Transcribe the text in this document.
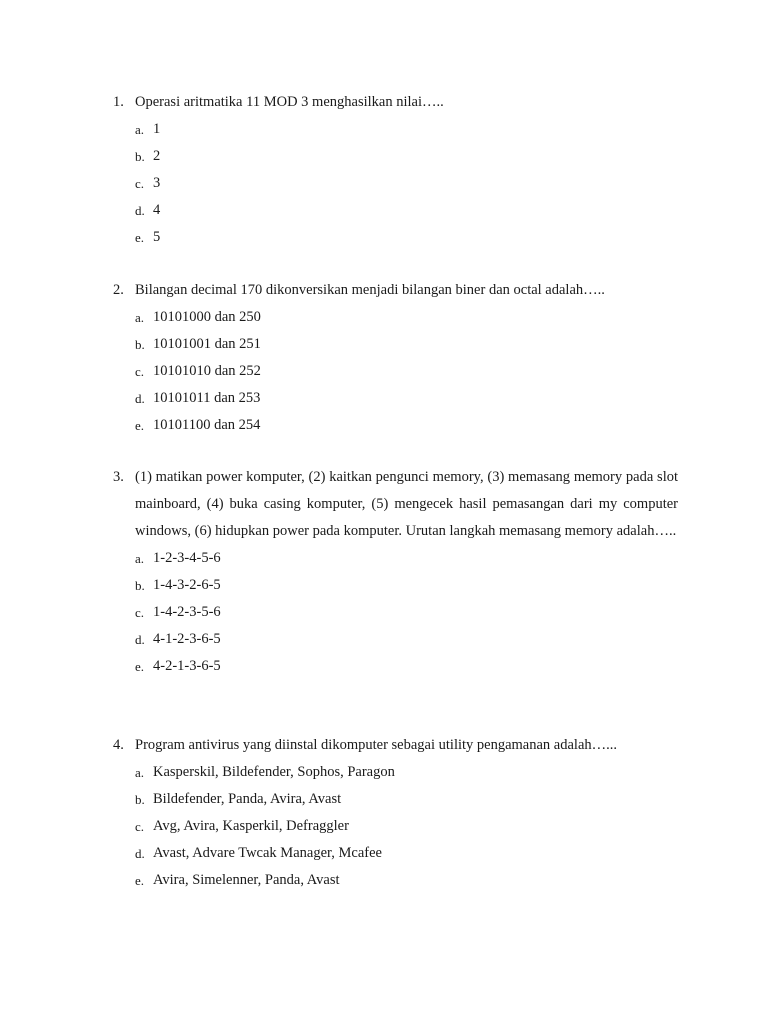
1. Operasi aritmatika 11 MOD 3 menghasilkan nilai…..
a. 1
b. 2
c. 3
d. 4
e. 5
2. Bilangan decimal 170 dikonversikan menjadi bilangan biner dan octal adalah…..
a. 10101000 dan 250
b. 10101001 dan 251
c. 10101010 dan 252
d. 10101011 dan 253
e. 10101100 dan 254
3. (1) matikan power komputer, (2) kaitkan pengunci memory, (3) memasang memory pada slot mainboard, (4) buka casing komputer, (5) mengecek hasil pemasangan dari my computer windows, (6) hidupkan power pada komputer. Urutan langkah memasang memory adalah…..
a. 1-2-3-4-5-6
b. 1-4-3-2-6-5
c. 1-4-2-3-5-6
d. 4-1-2-3-6-5
e. 4-2-1-3-6-5
4. Program antivirus yang diinstal dikomputer sebagai utility pengamanan adalah…...
a. Kasperskil, Bildefender, Sophos, Paragon
b. Bildefender, Panda, Avira, Avast
c. Avg, Avira, Kasperkil, Defraggler
d. Avast, Advare Twcak Manager, Mcafee
e. Avira, Simelenner, Panda, Avast
